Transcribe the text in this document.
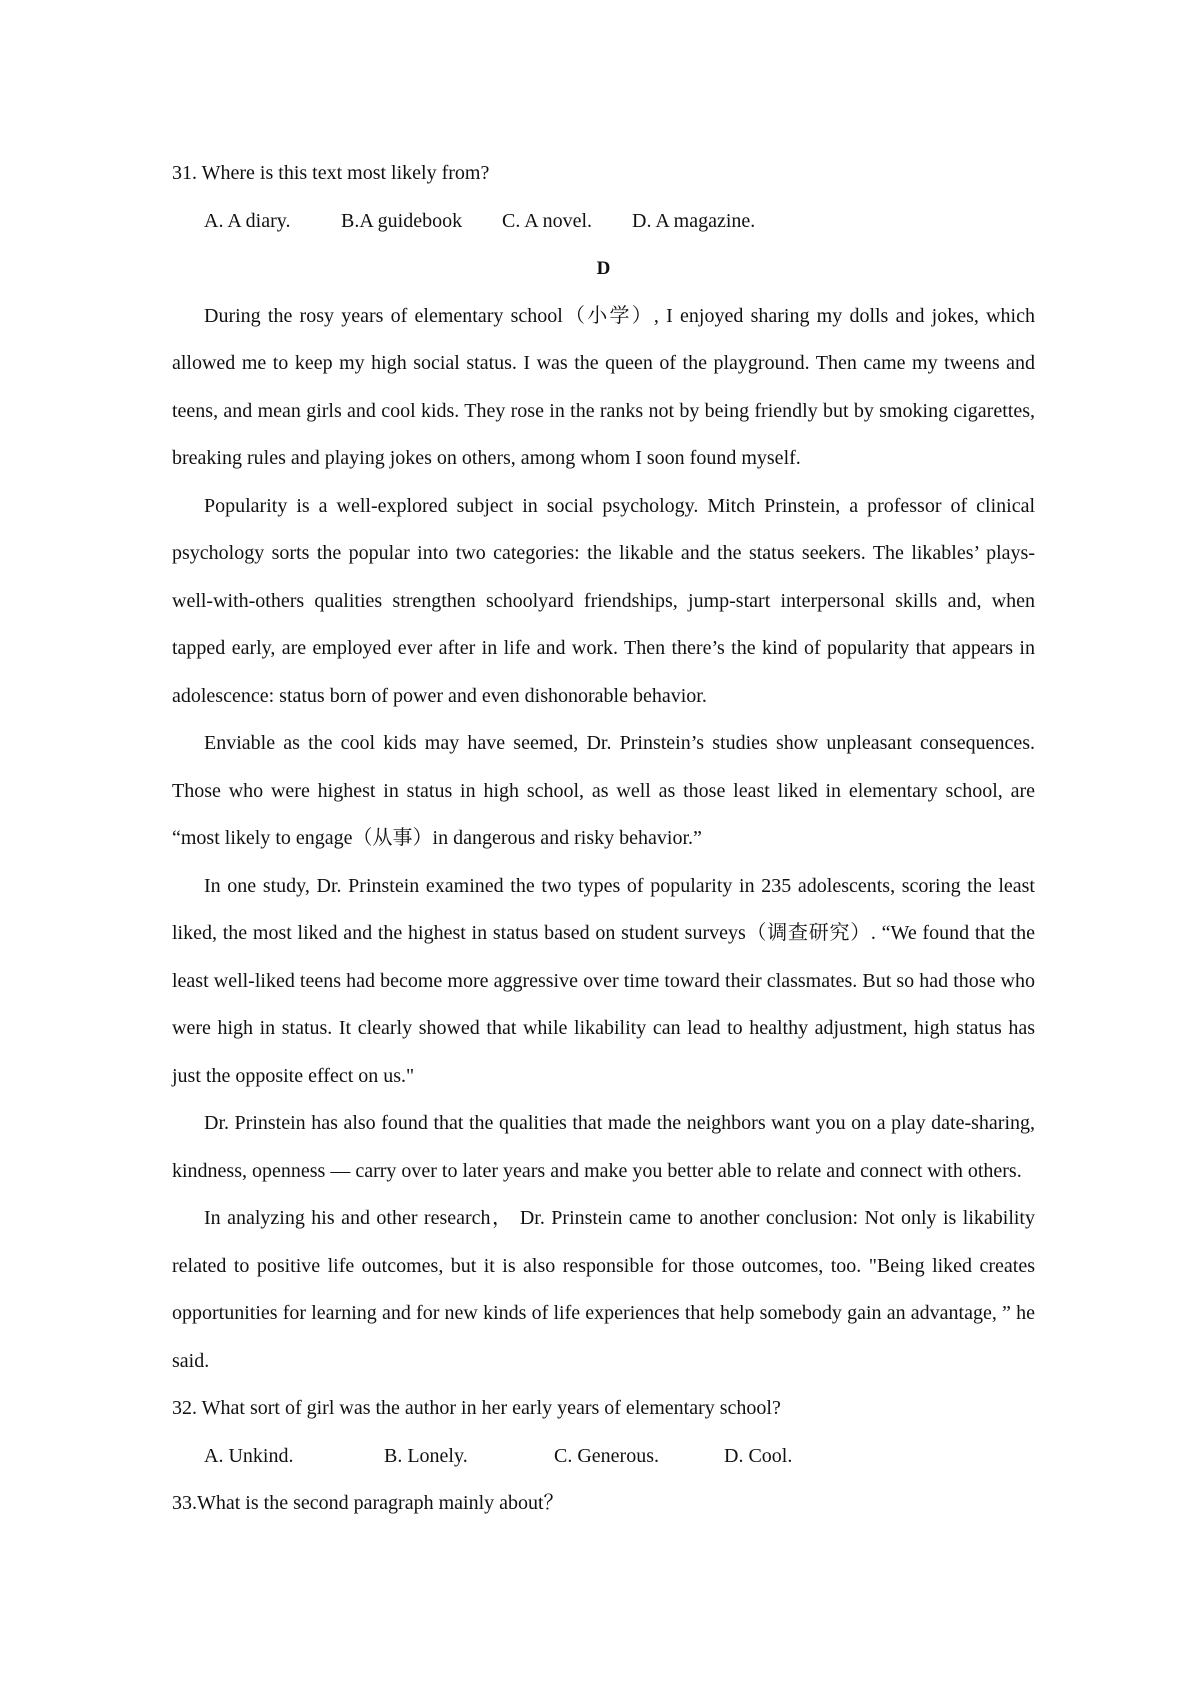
31. Where is this text most likely from?

A. A diary.	B.A guidebook C. A novel. D. A magazine.

D

During the rosy years of elementary school（小学）, I enjoyed sharing my dolls and jokes, which allowed me to keep my high social status. I was the queen of the playground. Then came my tweens and teens, and mean girls and cool kids. They rose in the ranks not by being friendly but by smoking cigarettes, breaking rules and playing jokes on others, among whom I soon found myself.

Popularity is a well-explored subject in social psychology. Mitch Prinstein, a professor of clinical psychology sorts the popular into two categories: the likable and the status seekers. The likables’ plays-well-with-others qualities strengthen schoolyard friendships, jump-start interpersonal skills and, when tapped early, are employed ever after in life and work. Then there’s the kind of popularity that appears in adolescence: status born of power and even dishonorable behavior.

Enviable as the cool kids may have seemed, Dr. Prinstein’s studies show unpleasant consequences. Those who were highest in status in high school, as well as those least liked in elementary school, are “most likely to engage（从事）in dangerous and risky behavior.”

In one study, Dr. Prinstein examined the two types of popularity in 235 adolescents, scoring the least liked, the most liked and the highest in status based on student surveys（调查研究）. “We found that the least well-liked teens had become more aggressive over time toward their classmates. But so had those who were high in status. It clearly showed that while likability can lead to healthy adjustment, high status has just the opposite effect on us."

Dr. Prinstein has also found that the qualities that made the neighbors want you on a play date-sharing, kindness, openness — carry over to later years and make you better able to relate and connect with others.

In analyzing his and other research， Dr. Prinstein came to another conclusion: Not only is likability related to positive life outcomes, but it is also responsible for those outcomes, too. "Being liked creates opportunities for learning and for new kinds of life experiences that help somebody gain an advantage, ” he said.

32. What sort of girl was the author in her early years of elementary school?

A. Unkind.	B. Lonely.	C. Generous.	D. Cool.

33.What is the second paragraph mainly about？
